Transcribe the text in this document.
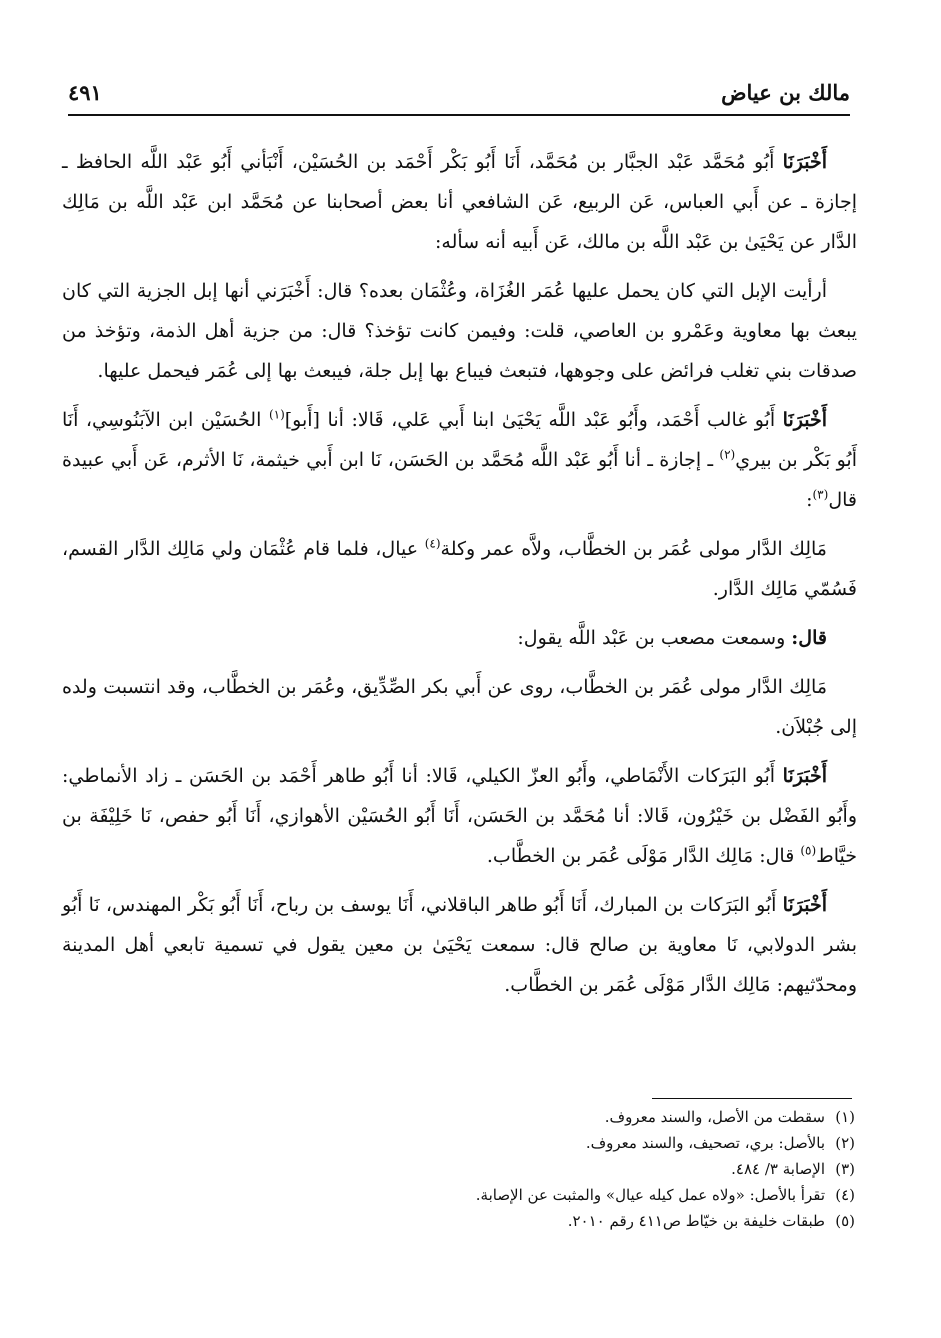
مالك بن عياض
٤٩١

أَخْبَرَنَا أَبُو مُحَمَّد عَبْد الجبَّار بن مُحَمَّد، أَنَا أَبُو بَكْر أَحْمَد بن الحُسَيْن، أَنْبَأني أَبُو عَبْد اللَّه الحافظ ـ إجازة ـ عن أَبي العباس، عَن الربيع، عَن الشافعي أنا بعض أصحابنا عن مُحَمَّد ابن عَبْد اللَّه بن مَالِك الدَّار عن يَحْيَىٰ بن عَبْد اللَّه بن مالك، عَن أَبيه أنه سأله:

أرأيت الإبل التي كان يحمل عليها عُمَر الغُزَاة، وعُثْمَان بعده؟ قال: أَخْبَرَني أنها إبل الجزية التي كان يبعث بها معاوية وعَمْرو بن العاصي، قلت: وفيمن كانت تؤخذ؟ قال: من جزية أهل الذمة، وتؤخذ من صدقات بني تغلب فرائض على وجوهها، فتبعث فيباع بها إبل جلة، فيبعث بها إلى عُمَر فيحمل عليها.

أَخْبَرَنَا أَبُو غالب أَحْمَد، وأَبُو عَبْد اللَّه يَحْيَىٰ ابنا أَبي عَلي، قَالا: أنا [أَبو]$^{(١)}$ الحُسَيْن ابن الآبَنُوسِي، أَنَا أَبُو بَكْر بن بيري$^{(٢)}$ ـ إجازة ـ أنا أَبُو عَبْد اللَّه مُحَمَّد بن الحَسَن، نَا ابن أَبي خيثمة، نَا الأثرم، عَن أَبي عبيدة قال$^{(٣)}$:

مَالِك الدَّار مولى عُمَر بن الخطَّاب، ولاَّه عمر وكلة$^{(٤)}$ عيال، فلما قام عُثْمَان ولي مَالِك الدَّار القسم، فَسُمّي مَالِك الدَّار.

قال: وسمعت مصعب بن عَبْد اللَّه يقول:

مَالِك الدَّار مولى عُمَر بن الخطَّاب، روى عن أَبي بكر الصِّدِّيق، وعُمَر بن الخطَّاب، وقد انتسبت ولده إلى جُبْلاَن.

أَخْبَرَنَا أَبُو البَرَكات الأَنْمَاطي، وأَبُو العزّ الكيلي، قَالا: أنا أَبُو طاهر أَحْمَد بن الحَسَن ـ زاد الأنماطي: وأَبُو الفَضْل بن خَيْرُون، قَالا: أنا مُحَمَّد بن الحَسَن، أَنَا أَبُو الحُسَيْن الأهوازي، أَنَا أَبُو حفص، نَا خَلِيْفَة بن خيَّاط$^{(٥)}$ قال: مَالِك الدَّار مَوْلَى عُمَر بن الخطَّاب.

أَخْبَرَنَا أَبُو البَرَكات بن المبارك، أَنَا أَبُو طاهر الباقلاني، أَنَا يوسف بن رباح، أَنَا أَبُو بَكْر المهندس، نَا أَبُو بشر الدولابي، نَا معاوية بن صالح قال: سمعت يَحْيَىٰ بن معين يقول في تسمية تابعي أهل المدينة ومحدّثيهم: مَالِك الدَّار مَوْلَى عُمَر بن الخطَّاب.

(١)سقطت من الأصل، والسند معروف.

(٢)بالأصل: بري، تصحيف، والسند معروف.

(٣)الإصابة ٣/ ٤٨٤.

(٤)تقرأ بالأصل: «ولاه عمل كيله عيال» والمثبت عن الإصابة.

(٥)طبقات خليفة بن خيّاط ص٤١١ رقم ٢٠١٠.
